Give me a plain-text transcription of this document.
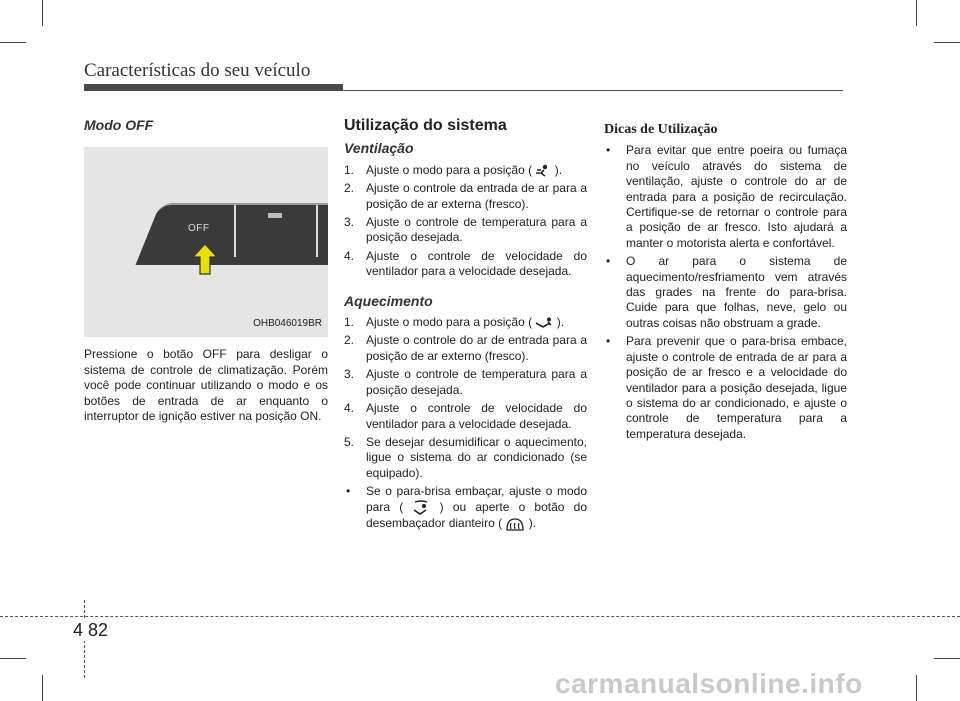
Características do seu veículo
Modo OFF
OFF
OHB046019BR

Pressione o botão OFF para desligar o sistema de controle de climatização. Porém você pode continuar utilizando o modo e os botões de entrada de ar enquanto o interruptor de ignição estiver na posição ON.

Utilização do sistema
Ventilação
1. Ajuste o modo para a posição ( ).
2. Ajuste o controle da entrada de ar para a posição de ar externa (fresco).
3. Ajuste o controle de temperatura para a posição desejada.
4. Ajuste o controle de velocidade do ventilador para a velocidade desejada.
Aquecimento
1. Ajuste o modo para a posição ( ).
2. Ajuste o controle do ar de entrada para a posição de ar externo (fresco).
3. Ajuste o controle de temperatura para a posição desejada.
4. Ajuste o controle de velocidade do ventilador para a velocidade desejada.
5. Se desejar desumidificar o aquecimento, ligue o sistema do ar condicionado (se equipado).
• Se o para-brisa embaçar, ajuste o modo para (	) ou aperte o botão do desembaçador dianteiro ( ).
Dicas de Utilização
• Para evitar que entre poeira ou fumaça no veículo através do sistema de ventilação, ajuste o controle do ar de entrada para a posição de recirculação. Certifique-se de retornar o controle para a posição de ar fresco. Isto ajudará a manter o motorista alerta e confortável.
• O ar para o sistema de aquecimento/resfriamento vem através das grades na frente do para-brisa. Cuide para que folhas, neve, gelo ou outras coisas não obstruam a grade.
• Para prevenir que o para-brisa embace, ajuste o controle de entrada de ar para a posição de ar fresco e a velocidade do ventilador para a posição desejada, ligue o sistema do ar condicionado, e ajuste o controle de temperatura para a temperatura desejada.
4 82
carmanualsonline.info
